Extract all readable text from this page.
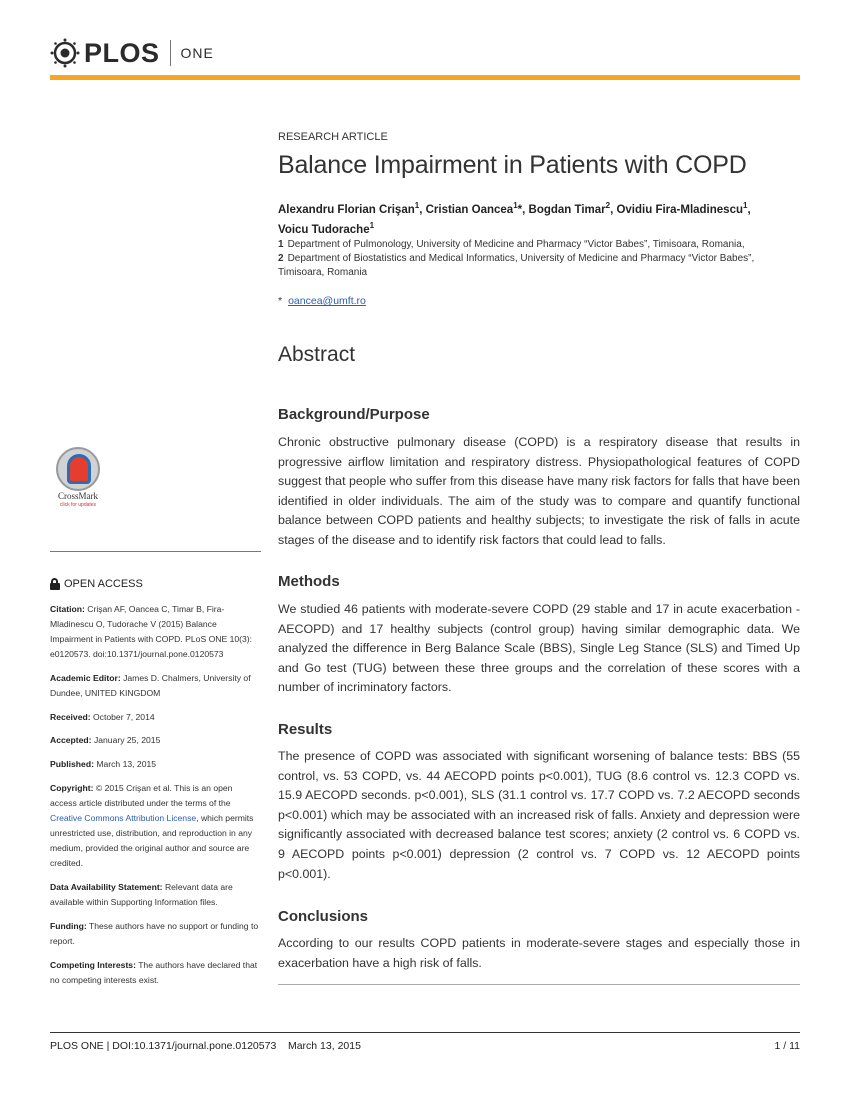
PLOS ONE
RESEARCH ARTICLE
Balance Impairment in Patients with COPD
Alexandru Florian Crişan$^1$, Cristian Oancea$^1$*, Bogdan Timar$^2$, Ovidiu Fira-Mladinescu$^1$,
Voicu Tudorache$^1$
1 Department of Pulmonology, University of Medicine and Pharmacy “Victor Babes”, Timisoara, Romania,
2 Department of Biostatistics and Medical Informatics, University of Medicine and Pharmacy “Victor Babes”, Timisoara, Romania
* oancea@umft.ro
Abstract
Background/Purpose

Chronic obstructive pulmonary disease (COPD) is a respiratory disease that results in progressive airflow limitation and respiratory distress. Physiopathological features of COPD suggest that people who suffer from this disease have many risk factors for falls that have been identified in older individuals. The aim of the study was to compare and quantify functional balance between COPD patients and healthy subjects; to investigate the risk of falls in acute stages of the disease and to identify risk factors that could lead to falls.

Methods

We studied 46 patients with moderate-severe COPD (29 stable and 17 in acute exacerbation - AECOPD) and 17 healthy subjects (control group) having similar demographic data. We analyzed the difference in Berg Balance Scale (BBS), Single Leg Stance (SLS) and Timed Up and Go test (TUG) between these three groups and the correlation of these scores with a number of incriminatory factors.

Results

The presence of COPD was associated with significant worsening of balance tests: BBS (55 control, vs. 53 COPD, vs. 44 AECOPD points p<0.001), TUG (8.6 control vs. 12.3 COPD vs. 15.9 AECOPD seconds. p<0.001), SLS (31.1 control vs. 17.7 COPD vs. 7.2 AECOPD seconds p<0.001) which may be associated with an increased risk of falls. Anxiety and depression were significantly associated with decreased balance test scores; anxiety (2 control vs. 6 COPD vs. 9 AECOPD points p<0.001) depression (2 control vs. 7 COPD vs. 12 AECOPD points p<0.001).

Conclusions

According to our results COPD patients in moderate-severe stages and especially those in exacerbation have a high risk of falls.

CrossMark
click for updates
OPEN ACCESS
Citation: Crişan AF, Oancea C, Timar B, Fira-Mladinescu O, Tudorache V (2015) Balance Impairment in Patients with COPD. PLoS ONE 10(3): e0120573. doi:10.1371/journal.pone.0120573
Academic Editor: James D. Chalmers, University of Dundee, UNITED KINGDOM
Received: October 7, 2014
Accepted: January 25, 2015
Published: March 13, 2015
Copyright: © 2015 Crişan et al. This is an open access article distributed under the terms of the Creative Commons Attribution License, which permits unrestricted use, distribution, and reproduction in any medium, provided the original author and source are credited.
Data Availability Statement: Relevant data are available within Supporting Information files.
Funding: These authors have no support or funding to report.
Competing Interests: The authors have declared that no competing interests exist.
PLOS ONE | DOI:10.1371/journal.pone.0120573 March 13, 2015	1 / 11
